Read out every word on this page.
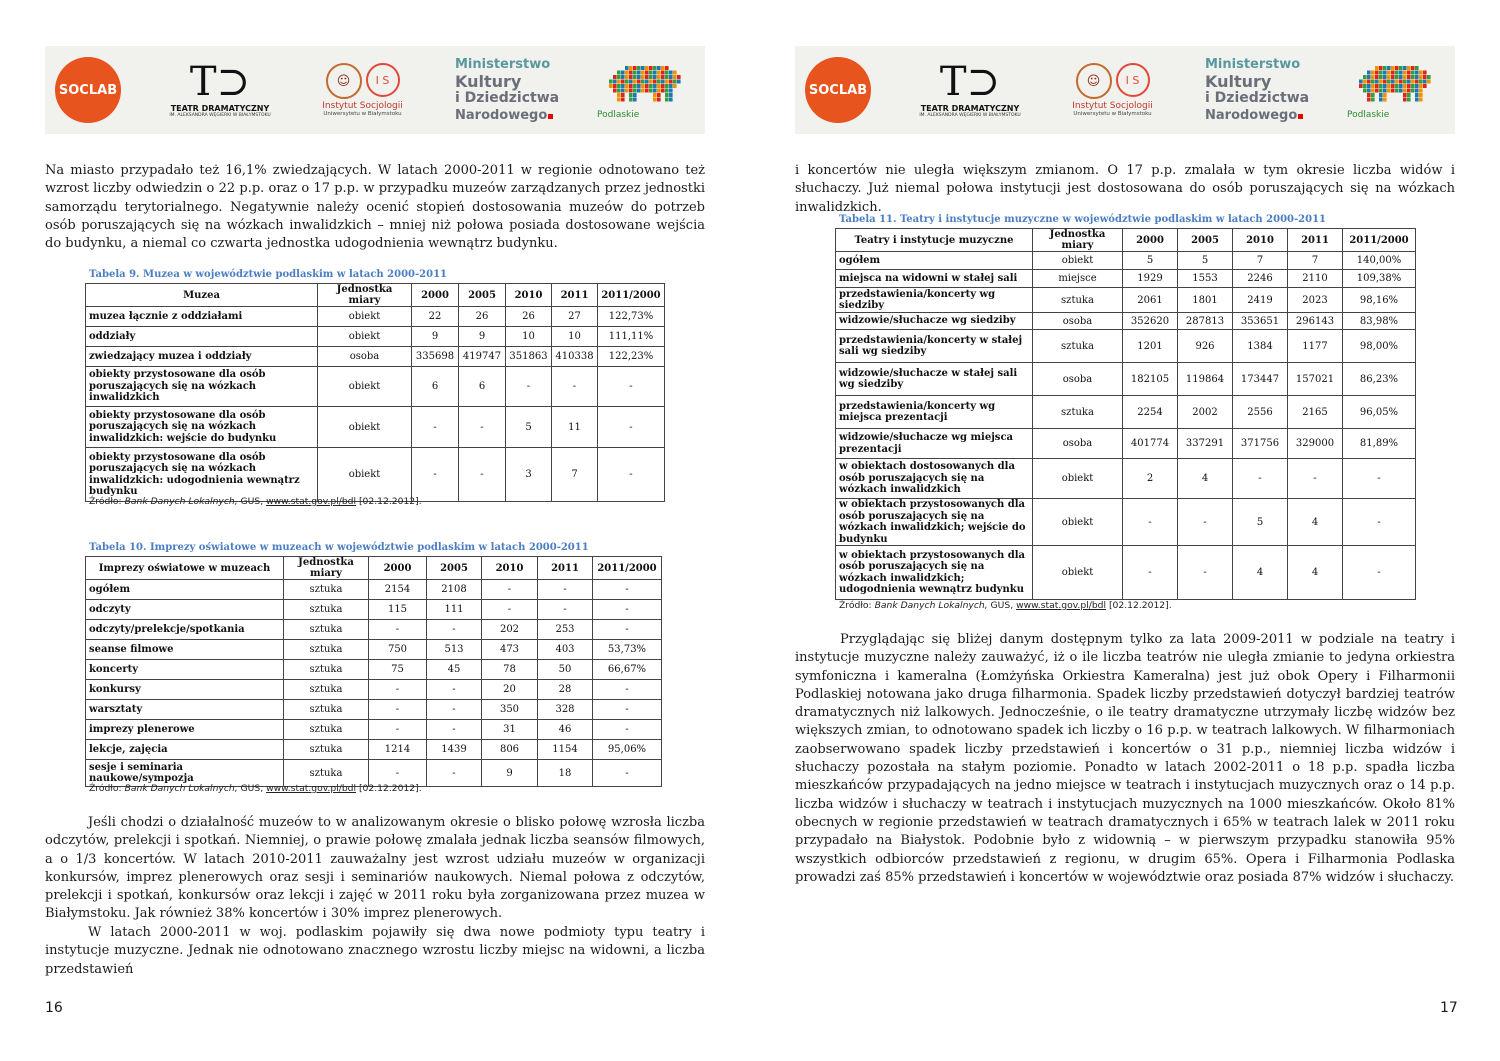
SOCLAB T⊃
TEATR DRAMATYCZNY
IM. ALEKSANDRA WĘGIERKI W BIAŁYMSTOKU
☺	I S
Instytut Socjologii
Uniwersytetu w Białymstoku
Ministerstwo
Kultury
i Dziedzictwa
Narodowego	Podlaskie

Na miasto przypadało też 16,1% zwiedzających. W latach 2000-2011 w regionie odnotowano też wzrost liczby odwiedzin o 22 p.p. oraz o 17 p.p. w przypadku muzeów zarządzanych przez jednostki samorządu terytorialnego. Negatywnie należy ocenić stopień dostosowania muzeów do potrzeb osób poruszających się na wózkach inwalidzkich – mniej niż połowa posiada dostosowane wejścia do budynku, a niemal co czwarta jednostka udogodnienia wewnątrz budynku.

Tabela 9. Muzea w województwie podlaskim w latach 2000-2011

Muzea	Jednostka miary	2000	2005	2010	2011	2011/2000
muzea łącznie z oddziałami	obiekt	22	26	26	27	122,73%
oddziały	obiekt	9	9	10	10	111,11%
zwiedzający muzea i oddziały	osoba	335698	419747	351863	410338	122,23%
obiekty przystosowane dla osób poruszających się na wózkach inwalidzkich	obiekt	6	6	-	-	-
obiekty przystosowane dla osób poruszających się na wózkach inwalidzkich: wejście do budynku	obiekt	-	-	5	11	-
obiekty przystosowane dla osób poruszających się na wózkach inwalidzkich: udogodnienia wewnątrz budynku	obiekt	-	-	3	7	-

Źródło: Bank Danych Lokalnych, GUS, www.stat.gov.pl/bdl [02.12.2012].

Tabela 10. Imprezy oświatowe w muzeach w województwie podlaskim w latach 2000-2011

Imprezy oświatowe w muzeach	Jednostka miary	2000	2005	2010	2011	2011/2000
ogółem	sztuka	2154	2108	-	-	-
odczyty	sztuka	115	111	-	-	-
odczyty/prelekcje/spotkania	sztuka	-	-	202	253	-
seanse filmowe	sztuka	750	513	473	403	53,73%
koncerty	sztuka	75	45	78	50	66,67%
konkursy	sztuka	-	-	20	28	-
warsztaty	sztuka	-	-	350	328	-
imprezy plenerowe	sztuka	-	-	31	46	-
lekcje, zajęcia	sztuka	1214	1439	806	1154	95,06%
sesje i seminaria naukowe/sympozja	sztuka	-	-	9	18	-

Źródło: Bank Danych Lokalnych, GUS, www.stat.gov.pl/bdl [02.12.2012].

Jeśli chodzi o działalność muzeów to w analizowanym okresie o blisko połowę wzrosła liczba odczytów, prelekcji i spotkań. Niemniej, o prawie połowę zmalała jednak liczba seansów filmowych, a o 1/3 koncertów. W latach 2010-2011 zauważalny jest wzrost udziału muzeów w organizacji konkursów, imprez plenerowych oraz sesji i seminariów naukowych. Niemal połowa z odczytów, prelekcji i spotkań, konkursów oraz lekcji i zajęć w 2011 roku była zorganizowana przez muzea w Białymstoku. Jak również 38% koncertów i 30% imprez plenerowych.

W latach 2000-2011 w woj. podlaskim pojawiły się dwa nowe podmioty typu teatry i instytucje muzyczne. Jednak nie odnotowano znacznego wzrostu liczby miejsc na widowni, a liczba przedstawień

16
SOCLAB T⊃
TEATR DRAMATYCZNY
IM. ALEKSANDRA WĘGIERKI W BIAŁYMSTOKU
☺	I S
Instytut Socjologii
Uniwersytetu w Białymstoku
Ministerstwo
Kultury
i Dziedzictwa
Narodowego	Podlaskie

i koncertów nie uległa większym zmianom. O 17 p.p. zmalała w tym okresie liczba widów i słuchaczy. Już niemal połowa instytucji jest dostosowana do osób poruszających się na wózkach inwalidzkich.

Tabela 11. Teatry i instytucje muzyczne w województwie podlaskim w latach 2000-2011

Teatry i instytucje muzyczne	Jednostka miary	2000	2005	2010	2011	2011/2000
ogółem	obiekt	5	5	7	7	140,00%
miejsca na widowni w stałej sali	miejsce	1929	1553	2246	2110	109,38%
przedstawienia/koncerty wg siedziby	sztuka	2061	1801	2419	2023	98,16%
widzowie/słuchacze wg siedziby	osoba	352620	287813	353651	296143	83,98%
przedstawienia/koncerty w stałej sali wg siedziby	sztuka	1201	926	1384	1177	98,00%
widzowie/słuchacze w stałej sali wg siedziby	osoba	182105	119864	173447	157021	86,23%
przedstawienia/koncerty wg miejsca prezentacji	sztuka	2254	2002	2556	2165	96,05%
widzowie/słuchacze wg miejsca prezentacji	osoba	401774	337291	371756	329000	81,89%
w obiektach dostosowanych dla osób poruszających się na wózkach inwalidzkich	obiekt	2	4	-	-	-
w obiektach przystosowanych dla osób poruszających się na wózkach inwalidzkich; wejście do budynku	obiekt	-	-	5	4	-
w obiektach przystosowanych dla osób poruszających się na wózkach inwalidzkich; udogodnienia wewnątrz budynku	obiekt	-	-	4	4	-

Źródło: Bank Danych Lokalnych, GUS, www.stat.gov.pl/bdl [02.12.2012].

Przyglądając się bliżej danym dostępnym tylko za lata 2009-2011 w podziale na teatry i instytucje muzyczne należy zauważyć, iż o ile liczba teatrów nie uległa zmianie to jedyna orkiestra symfoniczna i kameralna (Łomżyńska Orkiestra Kameralna) jest już obok Opery i Filharmonii Podlaskiej notowana jako druga filharmonia. Spadek liczby przedstawień dotyczył bardziej teatrów dramatycznych niż lalkowych. Jednocześnie, o ile teatry dramatyczne utrzymały liczbę widzów bez większych zmian, to odnotowano spadek ich liczby o 16 p.p. w teatrach lalkowych. W filharmoniach zaobserwowano spadek liczby przedstawień i koncertów o 31 p.p., niemniej liczba widzów i słuchaczy pozostała na stałym poziomie. Ponadto w latach 2002-2011 o 18 p.p. spadła liczba mieszkańców przypadających na jedno miejsce w teatrach i instytucjach muzycznych oraz o 14 p.p. liczba widzów i słuchaczy w teatrach i instytucjach muzycznych na 1000 mieszkańców. Około 81% obecnych w regionie przedstawień w teatrach dramatycznych i 65% w teatrach lalek w 2011 roku przypadało na Białystok. Podobnie było z widownią – w pierwszym przypadku stanowiła 95% wszystkich odbiorców przedstawień z regionu, w drugim 65%. Opera i Filharmonia Podlaska prowadzi zaś 85% przedstawień i koncertów w województwie oraz posiada 87% widzów i słuchaczy.

17
